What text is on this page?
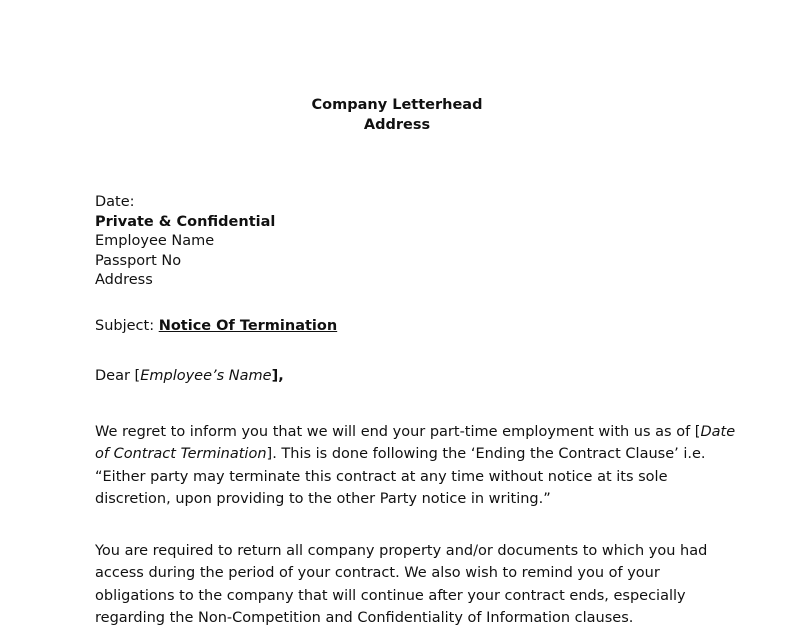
Company Letterhead
Address
Date:
Private & Confidential
Employee Name
Passport No
Address
Subject: Notice Of Termination
Dear [Employee’s Name],
We regret to inform you that we will end your part-time employment with us as of [Date
of Contract Termination]. This is done following the ‘Ending the Contract Clause’ i.e.
“Either party may terminate this contract at any time without notice at its sole
discretion, upon providing to the other Party notice in writing.”
You are required to return all company property and/or documents to which you had
access during the period of your contract. We also wish to remind you of your
obligations to the company that will continue after your contract ends, especially
regarding the Non-Competition and Confidentiality of Information clauses.
